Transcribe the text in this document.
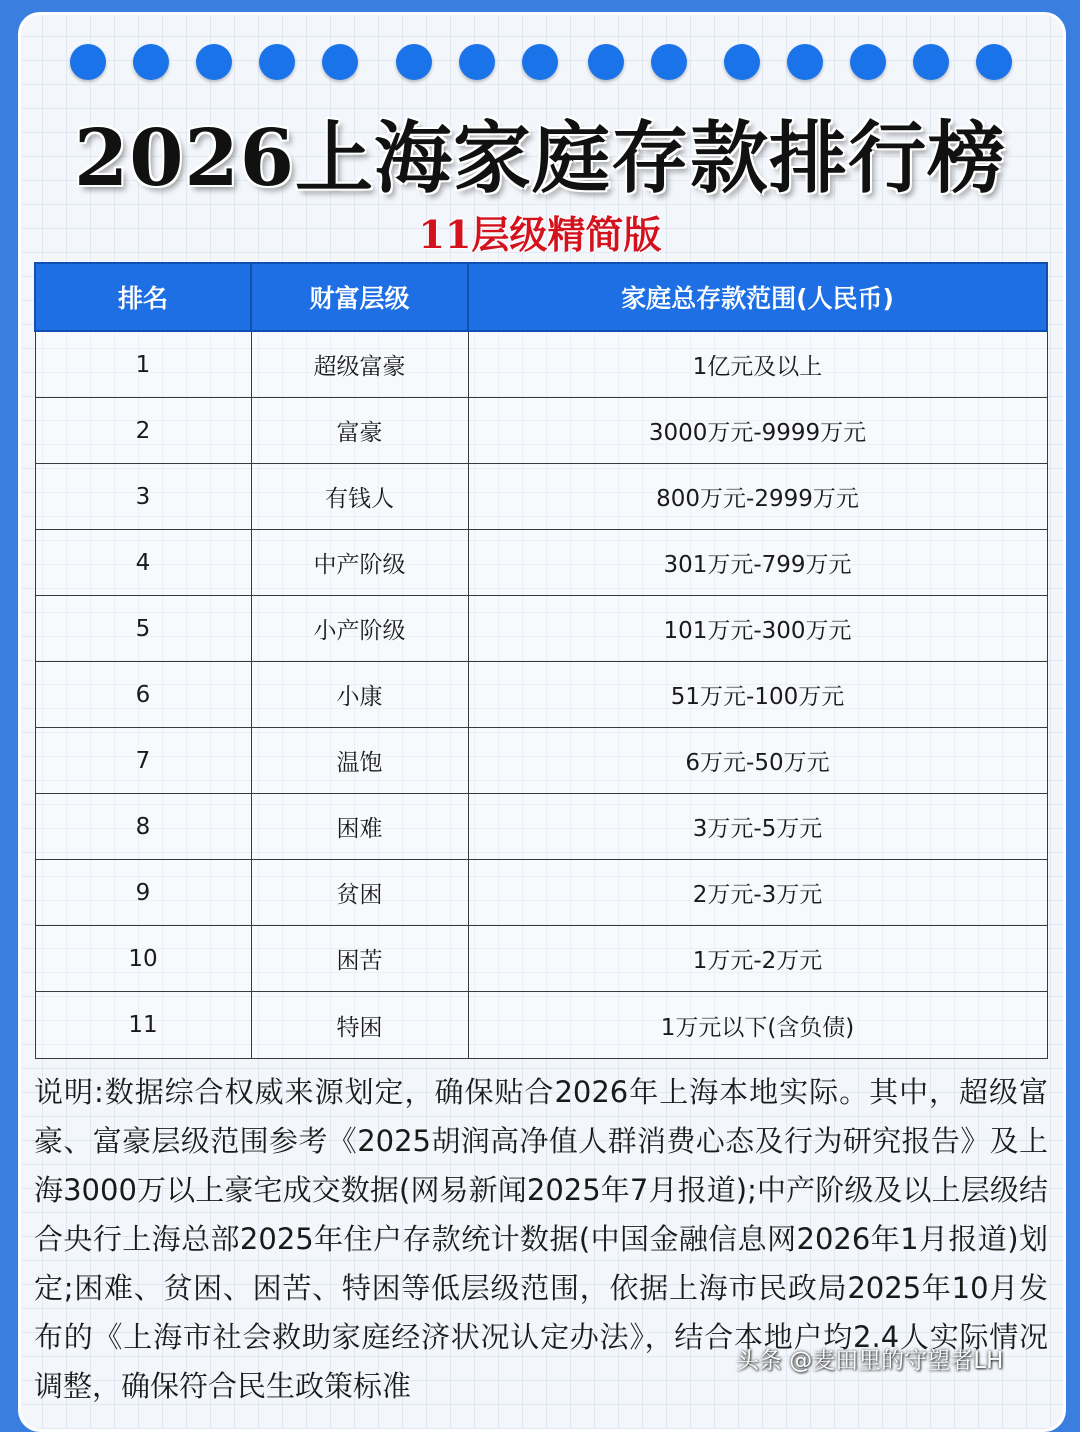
2026上海家庭存款排行榜
11层级精简版
排名	财富层级	家庭总存款范围(人民币)
1	超级富豪	1亿元及以上
2	富豪	3000万元-9999万元
3	有钱人	800万元-2999万元
4	中产阶级	301万元-799万元
5	小产阶级	101万元-300万元
6	小康	51万元-100万元
7	温饱	6万元-50万元
8	困难	3万元-5万元
9	贫困	2万元-3万元
10	困苦	1万元-2万元
11	特困	1万元以下(含负债)
说明:数据综合权威来源划定，确保贴合2026年上海本地实际。其中，超级富豪、富豪层级范围参考《2025胡润高净值人群消费心态及行为研究报告》及上海3000万以上豪宅成交数据(网易新闻2025年7月报道);中产阶级及以上层级结合央行上海总部2025年住户存款统计数据(中国金融信息网2026年1月报道)划定;困难、贫困、困苦、特困等低层级范围，依据上海市民政局2025年10月发布的《上海市社会救助家庭经济状况认定办法》，结合本地户均2.4人实际情况调整，确保符合民生政策标准
头条 @麦田里的守望者LH
